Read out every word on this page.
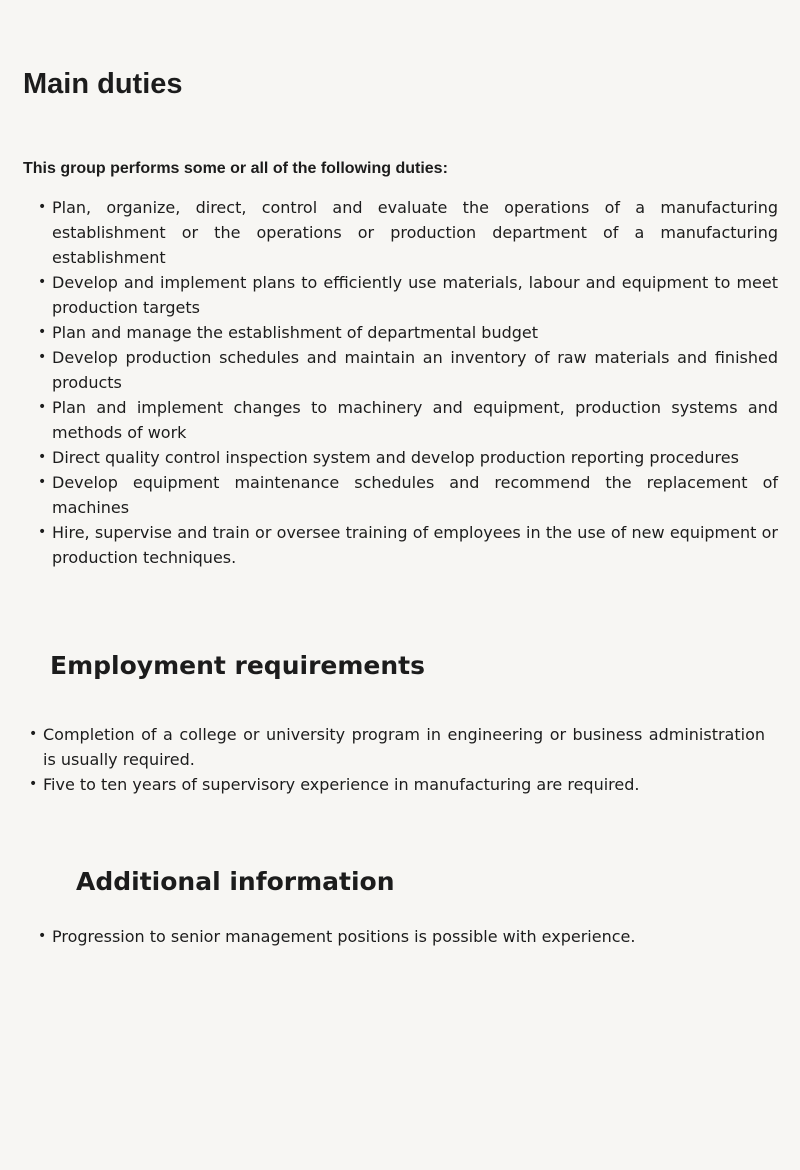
Main duties

This group performs some or all of the following duties:

• Plan, organize, direct, control and evaluate the operations of a manufacturing establishment or the operations or production department of a manufacturing establishment
• Develop and implement plans to efficiently use materials, labour and equipment to meet production targets
• Plan and manage the establishment of departmental budget
• Develop production schedules and maintain an inventory of raw materials and finished products
• Plan and implement changes to machinery and equipment, production systems and methods of work
• Direct quality control inspection system and develop production reporting procedures
• Develop equipment maintenance schedules and recommend the replacement of machines
• Hire, supervise and train or oversee training of employees in the use of new equipment or production techniques.
Employment requirements
• Completion of a college or university program in engineering or business administration is usually required.
• Five to ten years of supervisory experience in manufacturing are required.
Additional information
• Progression to senior management positions is possible with experience.
